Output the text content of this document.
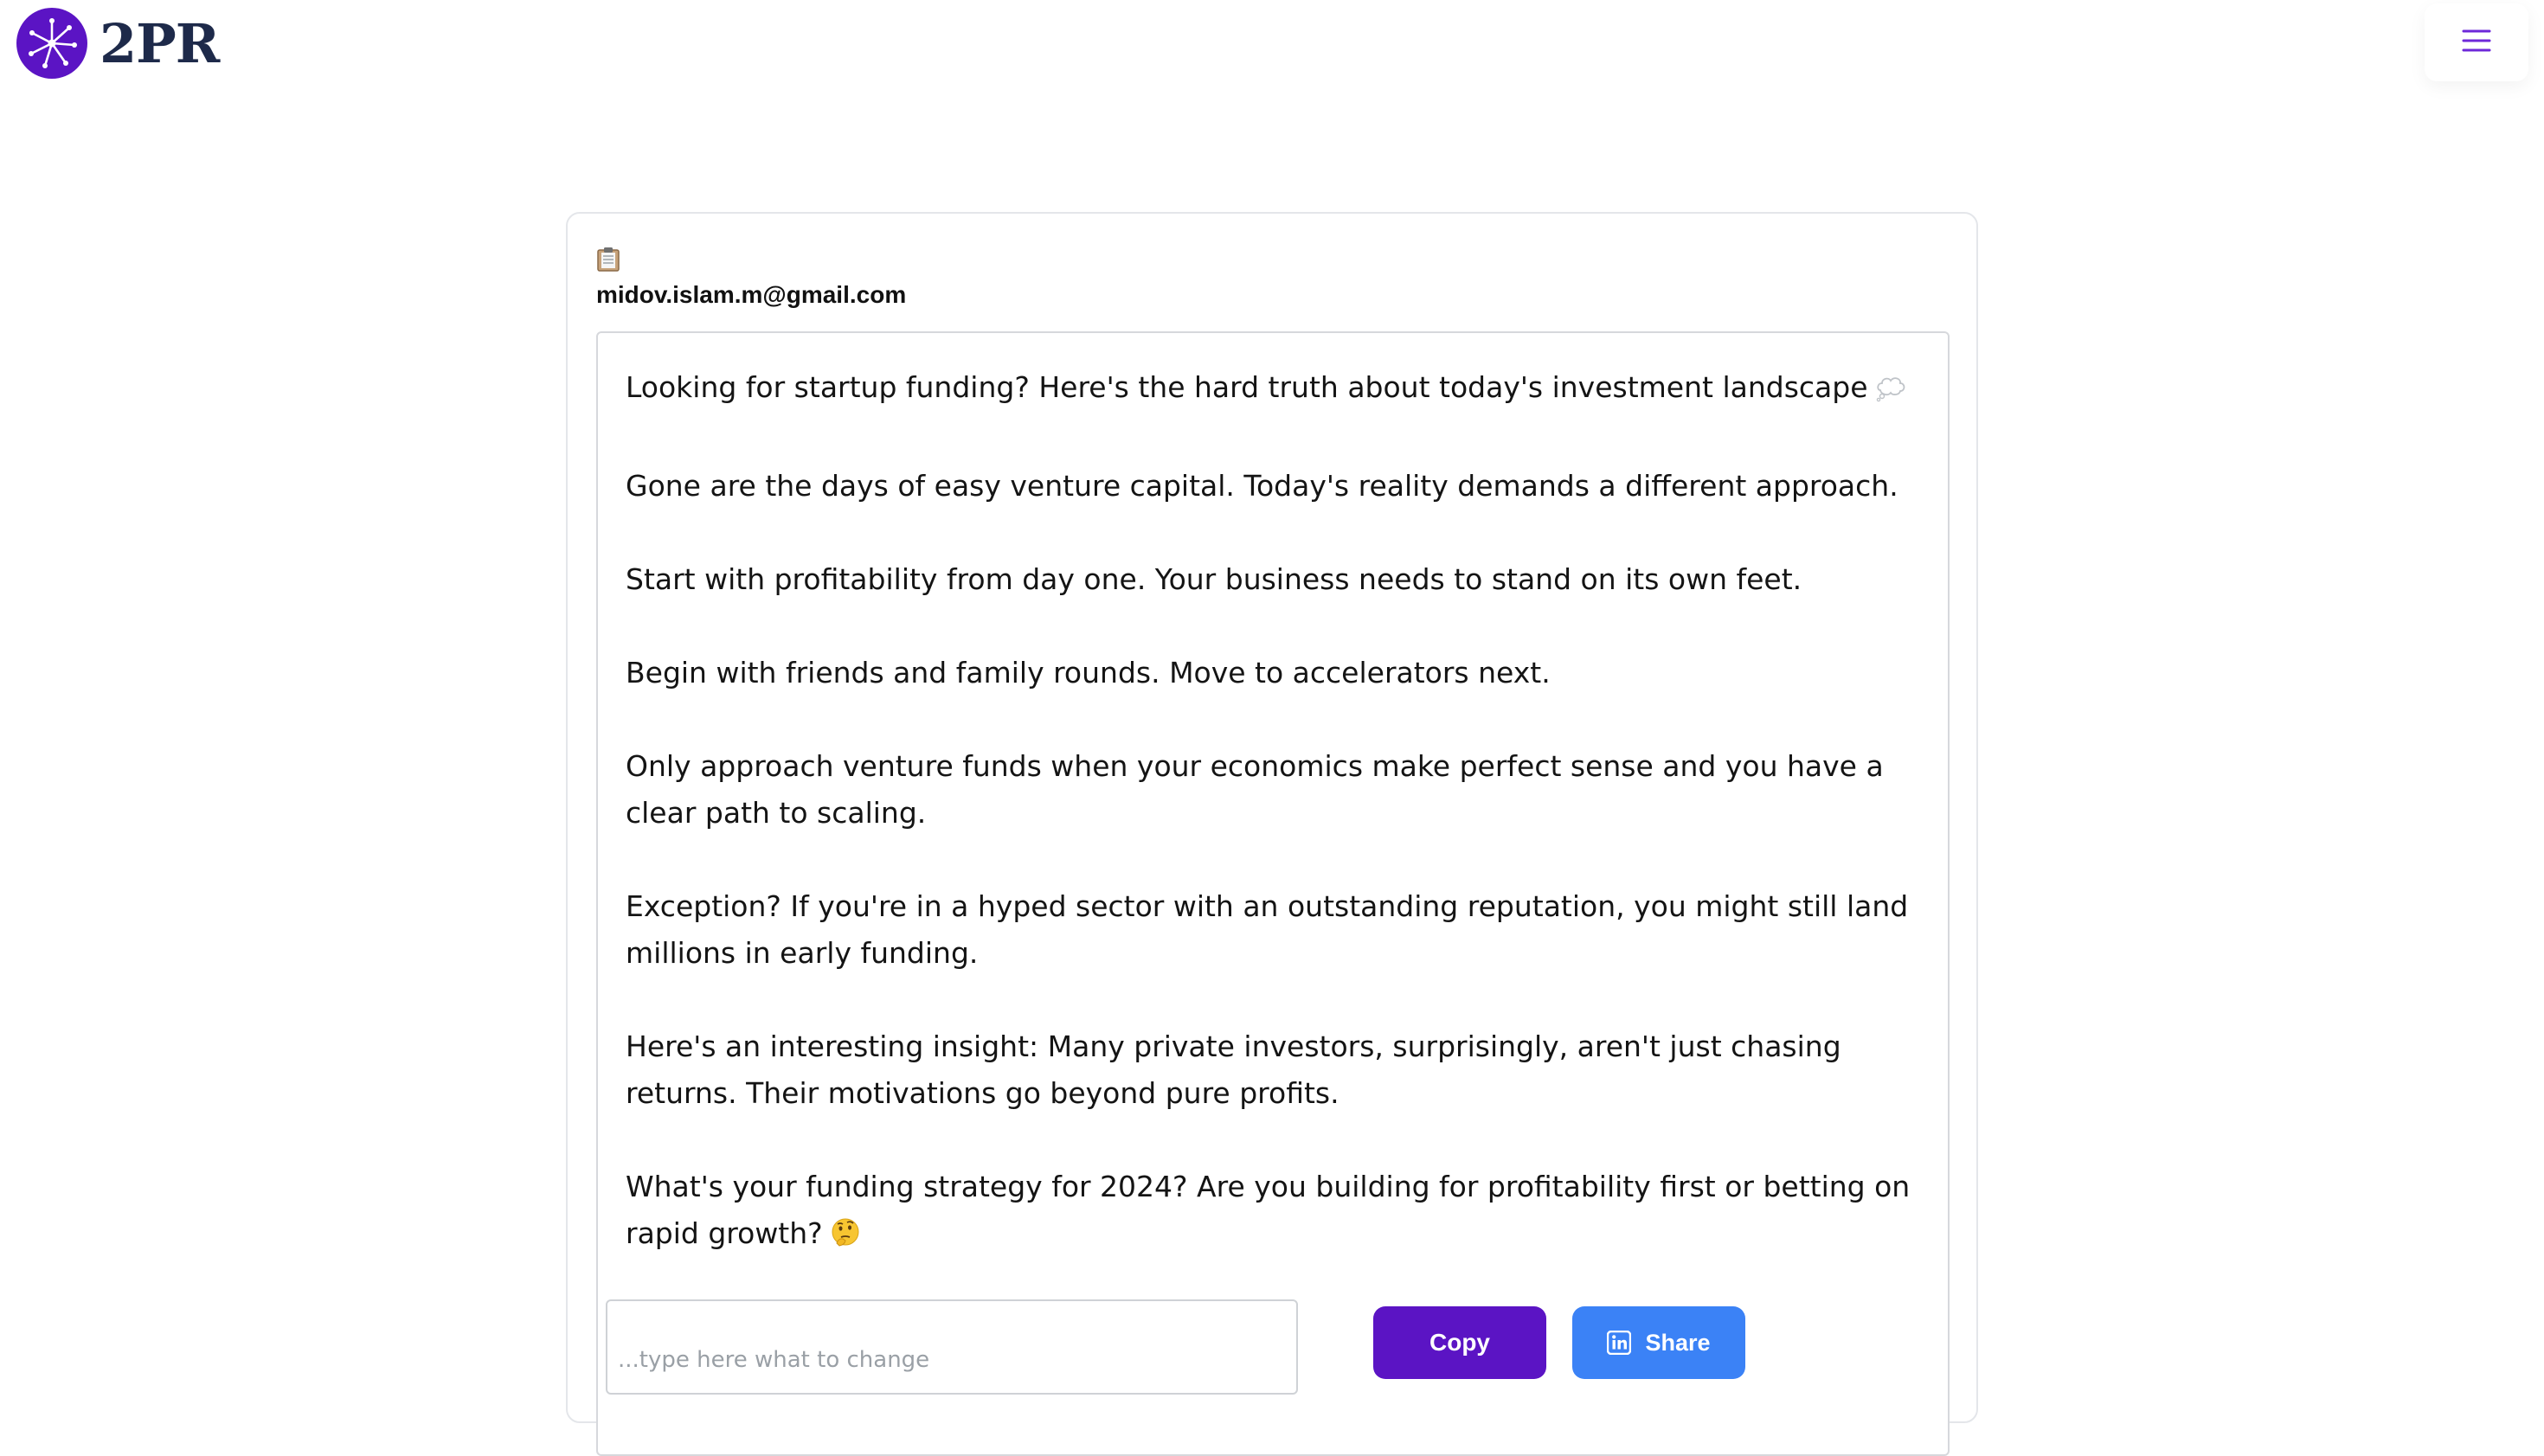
2PR
midov.islam.m@gmail.com

Looking for startup funding? Here's the hard truth about today's investment landscape

Gone are the days of easy venture capital. Today's reality demands a different approach.

Start with profitability from day one. Your business needs to stand on its own feet.

Begin with friends and family rounds. Move to accelerators next.

Only approach venture funds when your economics make perfect sense and you have a clear path to scaling.

Exception? If you're in a hyped sector with an outstanding reputation, you might still land millions in early funding.

Here's an interesting insight: Many private investors, surprisingly, aren't just chasing returns. Their motivations go beyond pure profits.

What's your funding strategy for 2024? Are you building for profitability first or betting on rapid growth?

...type here what to change
Copy	Share
